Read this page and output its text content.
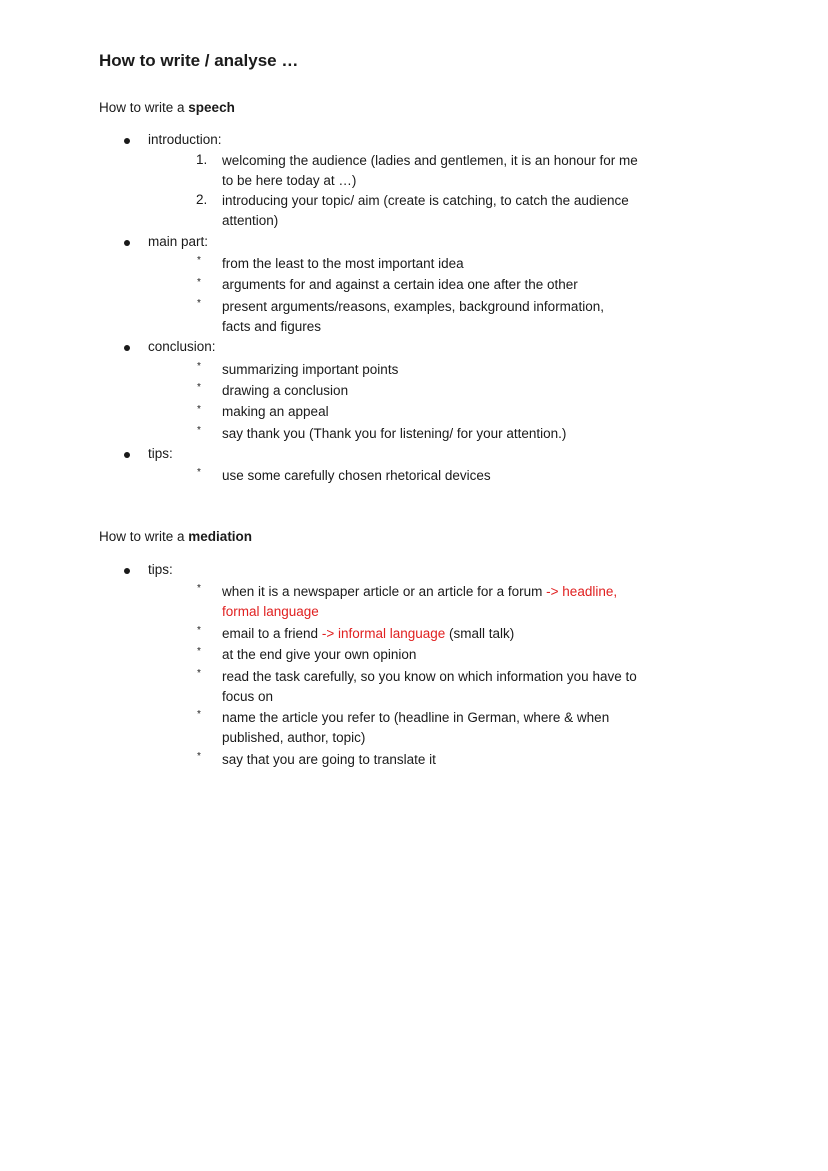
How to write / analyse …
How to write a speech
introduction:
1.	welcoming the audience (ladies and gentlemen, it is an honour for me to be here today at …)
2.	introducing your topic/ aim (create is catching, to catch the audience attention)
main part:
* from the least to the most important idea
* arguments for and against a certain idea one after the other
* present arguments/reasons, examples, background information, facts and figures
conclusion:
* summarizing important points
* drawing a conclusion
* making an appeal
* say thank you (Thank you for listening/ for your attention.)
tips:
* use some carefully chosen rhetorical devices
How to write a mediation
tips:
* when it is a newspaper article or an article for a forum -> headline, formal language
* email to a friend -> informal language (small talk)
* at the end give your own opinion
* read the task carefully, so you know on which information you have to focus on
* name the article you refer to (headline in German, where & when published, author, topic)
* say that you are going to translate it
